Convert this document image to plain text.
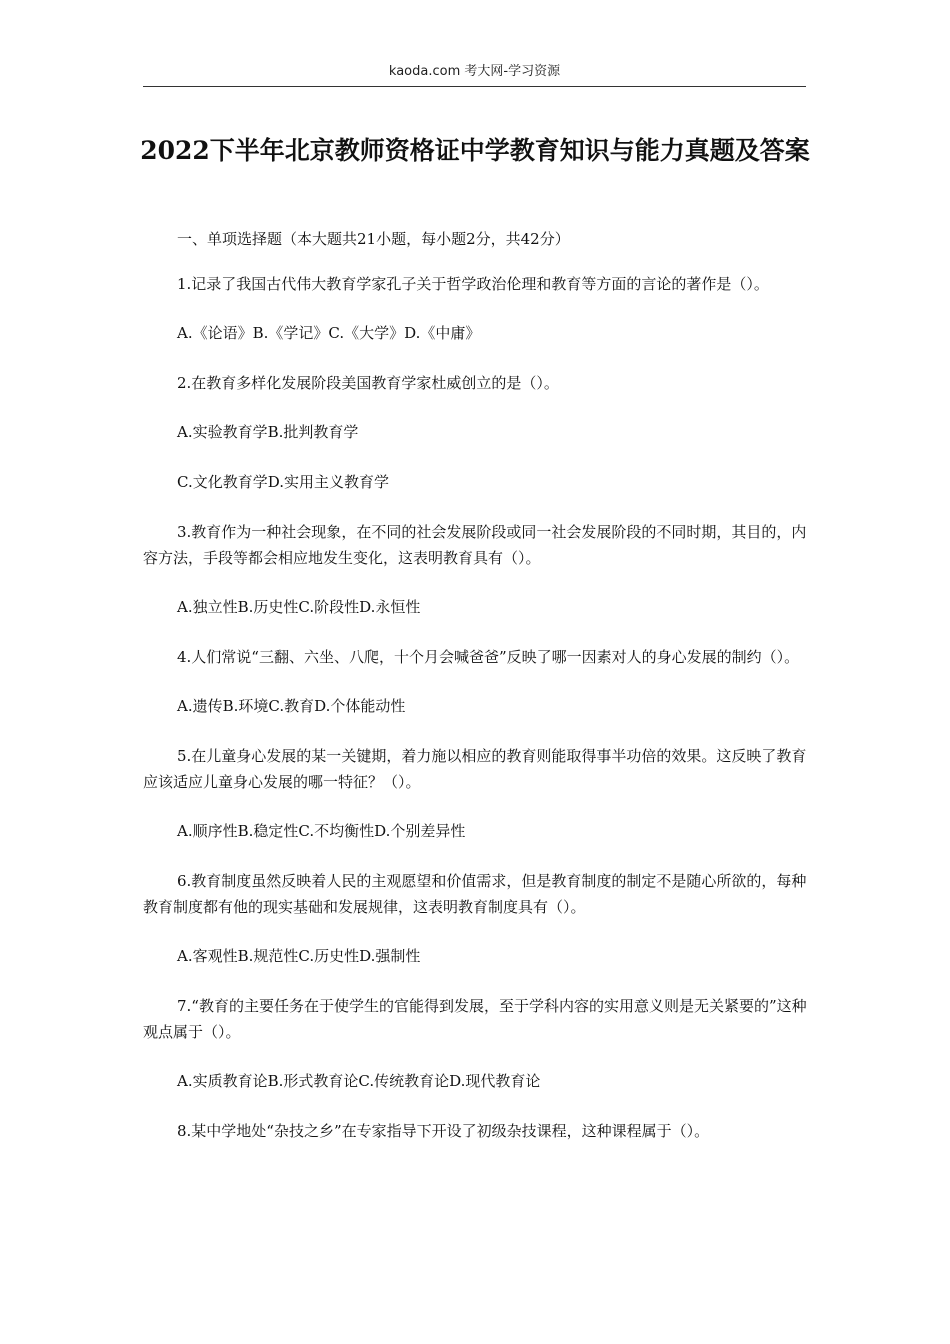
kaoda.com 考大网-学习资源
2022下半年北京教师资格证中学教育知识与能力真题及答案

一、单项选择题（本大题共21小题，每小题2分，共42分）

1.记录了我国古代伟大教育学家孔子关于哲学政治伦理和教育等方面的言论的著作是（）。

A.《论语》B.《学记》C.《大学》D.《中庸》

2.在教育多样化发展阶段美国教育学家杜威创立的是（）。

A.实验教育学B.批判教育学

C.文化教育学D.实用主义教育学

3.教育作为一种社会现象，在不同的社会发展阶段或同一社会发展阶段的不同时期，其目的，内容方法，手段等都会相应地发生变化，这表明教育具有（）。

A.独立性B.历史性C.阶段性D.永恒性

4.人们常说“三翻、六坐、八爬，十个月会喊爸爸”反映了哪一因素对人的身心发展的制约（）。

A.遗传B.环境C.教育D.个体能动性

5.在儿童身心发展的某一关键期，着力施以相应的教育则能取得事半功倍的效果。这反映了教育应该适应儿童身心发展的哪一特征？（）。

A.顺序性B.稳定性C.不均衡性D.个别差异性

6.教育制度虽然反映着人民的主观愿望和价值需求，但是教育制度的制定不是随心所欲的，每种教育制度都有他的现实基础和发展规律，这表明教育制度具有（）。

A.客观性B.规范性C.历史性D.强制性

7.“教育的主要任务在于使学生的官能得到发展，至于学科内容的实用意义则是无关紧要的”这种观点属于（）。

A.实质教育论B.形式教育论C.传统教育论D.现代教育论

8.某中学地处“杂技之乡”在专家指导下开设了初级杂技课程，这种课程属于（）。
